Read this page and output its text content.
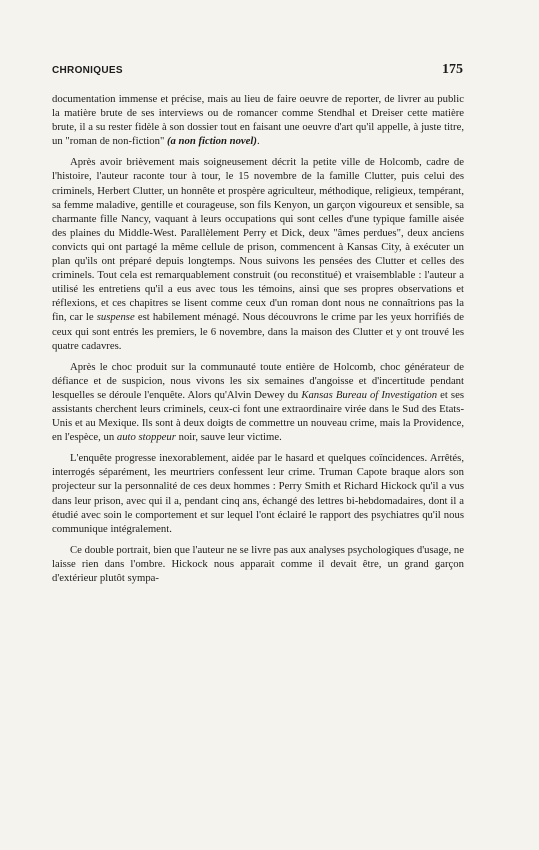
CHRONIQUES	175

documentation immense et précise, mais au lieu de faire oeuvre de reporter, de livrer au public la matière brute de ses interviews ou de romancer comme Stendhal et Dreiser cette matière brute, il a su rester fidèle à son dossier tout en faisant une oeuvre d'art qu'il appelle, à juste titre, un "roman de non-fiction" (a non fiction novel).

Après avoir brièvement mais soigneusement décrit la petite ville de Holcomb, cadre de l'histoire, l'auteur raconte tour à tour, le 15 novembre de la famille Clutter, puis celui des criminels, Herbert Clutter, un honnête et prospère agriculteur, méthodique, religieux, tempérant, sa femme maladive, gentille et courageuse, son fils Kenyon, un garçon vigoureux et sensible, sa charmante fille Nancy, vaquant à leurs occupations qui sont celles d'une typique famille aisée des plaines du Middle-West. Parallèlement Perry et Dick, deux "âmes perdues", deux anciens convicts qui ont partagé la même cellule de prison, commencent à Kansas City, à exécuter un plan qu'ils ont préparé depuis longtemps. Nous suivons les pensées des Clutter et celles des criminels. Tout cela est remarquablement construit (ou reconstitué) et vraisemblable : l'auteur a utilisé les entretiens qu'il a eus avec tous les témoins, ainsi que ses propres observations et réflexions, et ces chapitres se lisent comme ceux d'un roman dont nous ne connaîtrions pas la fin, car le suspense est habilement ménagé. Nous découvrons le crime par les yeux horrifiés de ceux qui sont entrés les premiers, le 6 novembre, dans la maison des Clutter et y ont trouvé les quatre cadavres.

Après le choc produit sur la communauté toute entière de Holcomb, choc générateur de défiance et de suspicion, nous vivons les six semaines d'angoisse et d'incertitude pendant lesquelles se déroule l'enquête. Alors qu'Alvin Dewey du Kansas Bureau of Investigation et ses assistants cherchent leurs criminels, ceux-ci font une extraordinaire virée dans le Sud des Etats-Unis et au Mexique. Ils sont à deux doigts de commettre un nouveau crime, mais la Providence, en l'espèce, un auto stoppeur noir, sauve leur victime.

L'enquête progresse inexorablement, aidée par le hasard et quelques coïncidences. Arrêtés, interrogés séparément, les meurtriers confessent leur crime. Truman Capote braque alors son projecteur sur la personnalité de ces deux hommes : Perry Smith et Richard Hickock qu'il a vus dans leur prison, avec qui il a, pendant cinq ans, échangé des lettres bi-hebdomadaires, dont il a étudié avec soin le comportement et sur lequel l'ont éclairé le rapport des psychiatres qu'il nous communique intégralement.

Ce double portrait, bien que l'auteur ne se livre pas aux analyses psychologiques d'usage, ne laisse rien dans l'ombre. Hickock nous apparait comme il devait être, un grand garçon d'extérieur plutôt sympa-
